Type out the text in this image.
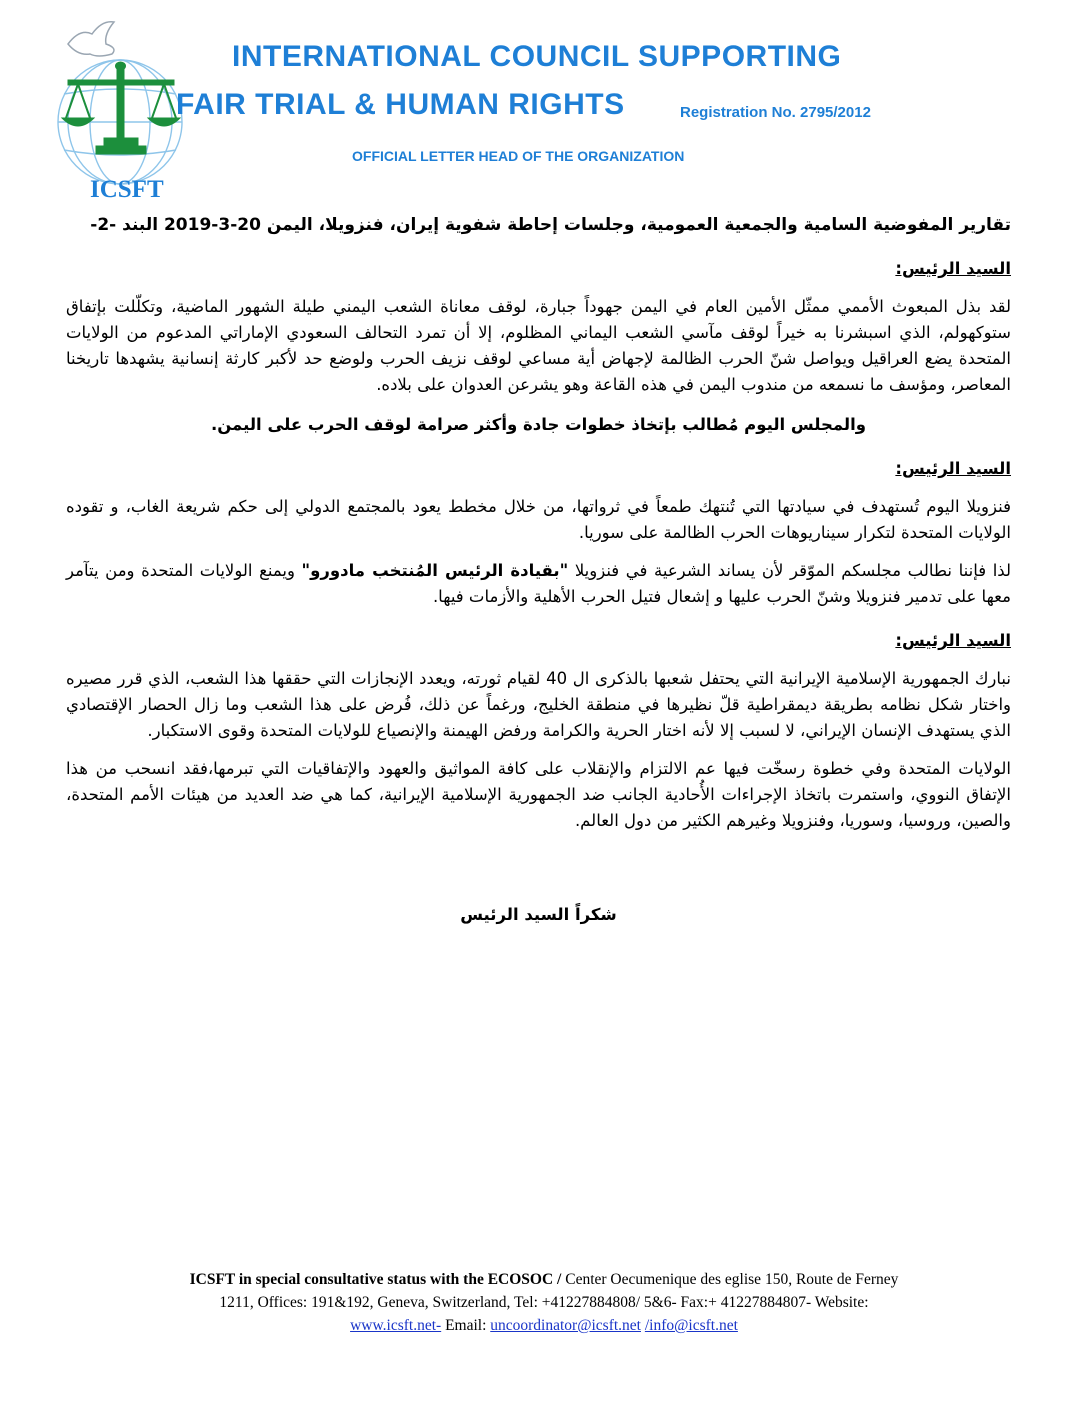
INTERNATIONAL COUNCIL SUPPORTING
FAIR TRIAL & HUMAN RIGHTS	Registration No. 2795/2012
OFFICIAL LETTER HEAD OF THE ORGANIZATION
ICSFT

تقارير المفوضية السامية والجمعية العمومية، وجلسات إحاطة شفوية إيران، فنزويلا، اليمن 20-3-2019 البند -2-

السيد الرئيس:

لقد بذل المبعوث الأممي ممثّل الأمين العام في اليمن جهوداً جبارة، لوقف معاناة الشعب اليمني طيلة الشهور الماضية، وتكلّلت بإتفاق ستوكهولم، الذي اسبشرنا به خيراً لوقف مآسي الشعب اليماني المظلوم، إلا أن تمرد التحالف السعودي الإماراتي المدعوم من الولايات المتحدة يضع العراقيل ويواصل شنّ الحرب الظالمة لإجهاض أية مساعي لوقف نزيف الحرب ولوضع حد لأكبر كارثة إنسانية يشهدها تاريخنا المعاصر، ومؤسف ما نسمعه من مندوب اليمن في هذه القاعة وهو يشرعن العدوان على بلاده.

والمجلس اليوم مُطالب بإتخاذ خطوات جادة وأكثر صرامة لوقف الحرب على اليمن.

السيد الرئيس:

فنزويلا اليوم تُستهدف في سيادتها التي تُنتهك طمعاً في ثرواتها، من خلال مخطط يعود بالمجتمع الدولي إلى حكم شريعة الغاب، و تقوده الولايات المتحدة لتكرار سيناريوهات الحرب الظالمة على سوريا.

لذا فإننا نطالب مجلسكم الموّقر لأن يساند الشرعية في فنزويلا "بقيادة الرئيس المُنتخب مادورو" ويمنع الولايات المتحدة ومن يتآمر معها على تدمير فنزويلا وشنّ الحرب عليها و إشعال فتيل الحرب الأهلية والأزمات فيها.

السيد الرئيس:

نبارك الجمهورية الإسلامية الإيرانية التي يحتفل شعبها بالذكرى ال 40 لقيام ثورته، ويعدد الإنجازات التي حققها هذا الشعب، الذي قرر مصيره واختار شكل نظامه بطريقة ديمقراطية قلّ نظيرها في منطقة الخليج، ورغماً عن ذلك، فُرض على هذا الشعب وما زال الحصار الإقتصادي الذي يستهدف الإنسان الإيراني، لا لسبب إلا لأنه اختار الحرية والكرامة ورفض الهيمنة والإنصياع للولايات المتحدة وقوى الاستكبار.

الولايات المتحدة وفي خطوة رسخّت فيها عم الالتزام والإنقلاب على كافة المواثيق والعهود والإتفاقيات التي تبرمها،فقد انسحب من هذا الإتفاق النووي، واستمرت باتخاذ الإجراءات الأُحادية الجانب ضد الجمهورية الإسلامية الإيرانية، كما هي ضد العديد من هيئات الأمم المتحدة، والصين، وروسيا، وسوريا، وفنزويلا وغيرهم الكثير من دول العالم.

شكراً السيد الرئيس

ICSFT in special consultative status with the ECOSOC / Center Oecumenique des eglise 150, Route de Ferney
1211, Offices: 191&192, Geneva, Switzerland, Tel: +41227884808/ 5&6- Fax:+ 41227884807- Website:
www.icsft.net- Email: uncoordinator@icsft.net /info@icsft.net
